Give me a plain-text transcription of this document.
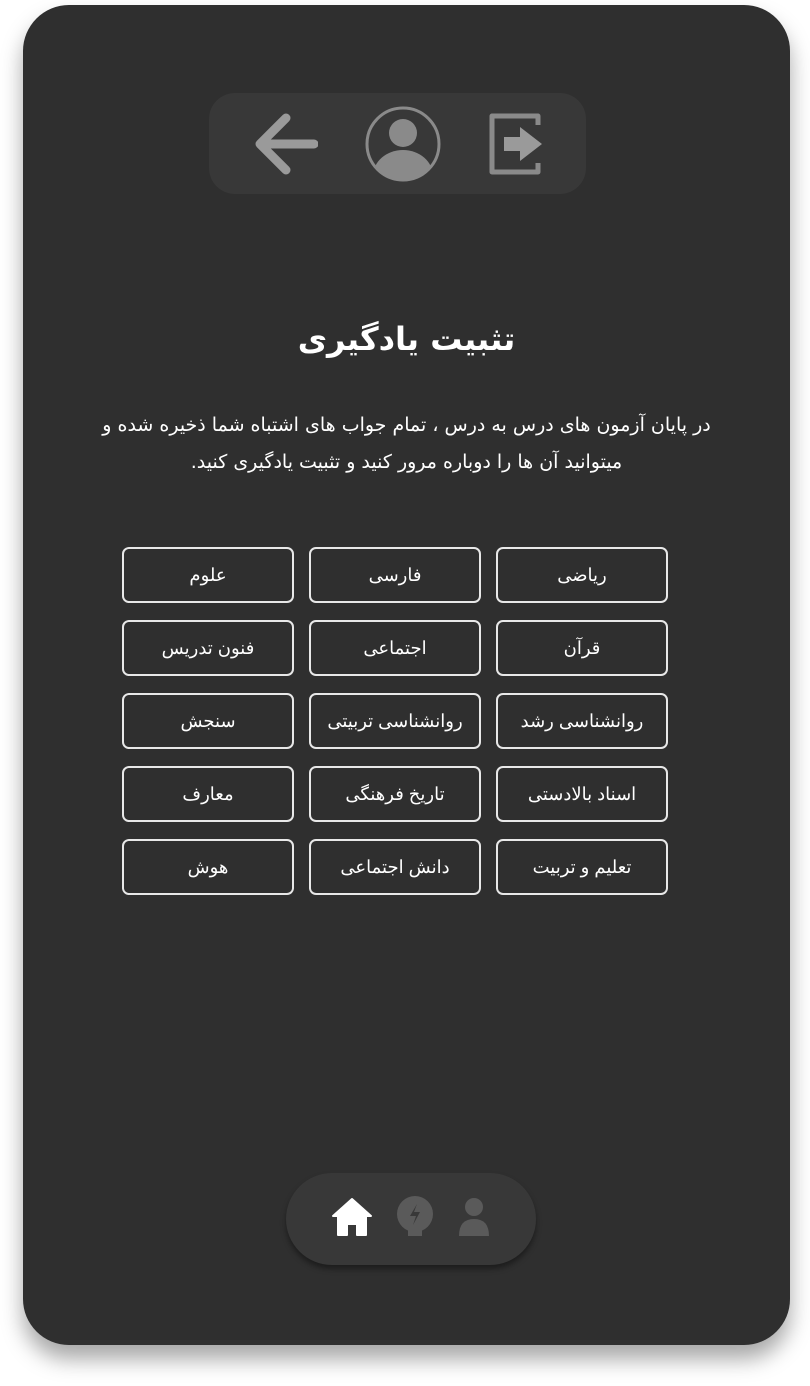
تثبیت یادگیری
در پایان آزمون های درس به درس ، تمام جواب های اشتباه شما ذخیره شده و میتوانید آن ها را دوباره مرور کنید و تثبیت یادگیری کنید.
ریاضی
فارسی
علوم
قرآن
اجتماعی
فنون تدریس
روانشناسی رشد
روانشناسی تربیتی
سنجش
اسناد بالادستی
تاریخ فرهنگی
معارف
تعلیم و تربیت
دانش اجتماعی
هوش
